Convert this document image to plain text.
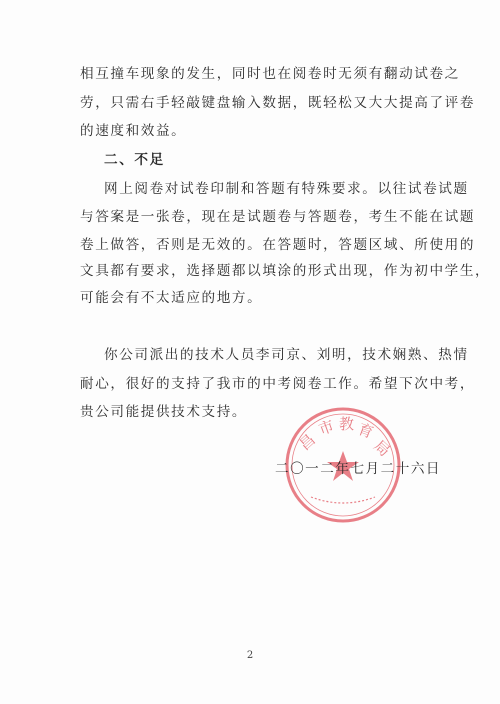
相互撞车现象的发生，同时也在阅卷时无须有翻动试卷之
劳，只需右手轻敲键盘输入数据，既轻松又大大提高了评卷
的速度和效益。
二、不足
网上阅卷对试卷印制和答题有特殊要求。以往试卷试题
与答案是一张卷，现在是试题卷与答题卷，考生不能在试题
卷上做答，否则是无效的。在答题时，答题区域、所使用的
文具都有要求，选择题都以填涂的形式出现，作为初中学生，
可能会有不太适应的地方。
你公司派出的技术人员李司京、刘明，技术娴熟、热情
耐心，很好的支持了我市的中考阅卷工作。希望下次中考，
贵公司能提供技术支持。
昌
市 教 育
局
二〇一二年七月二十六日
2
